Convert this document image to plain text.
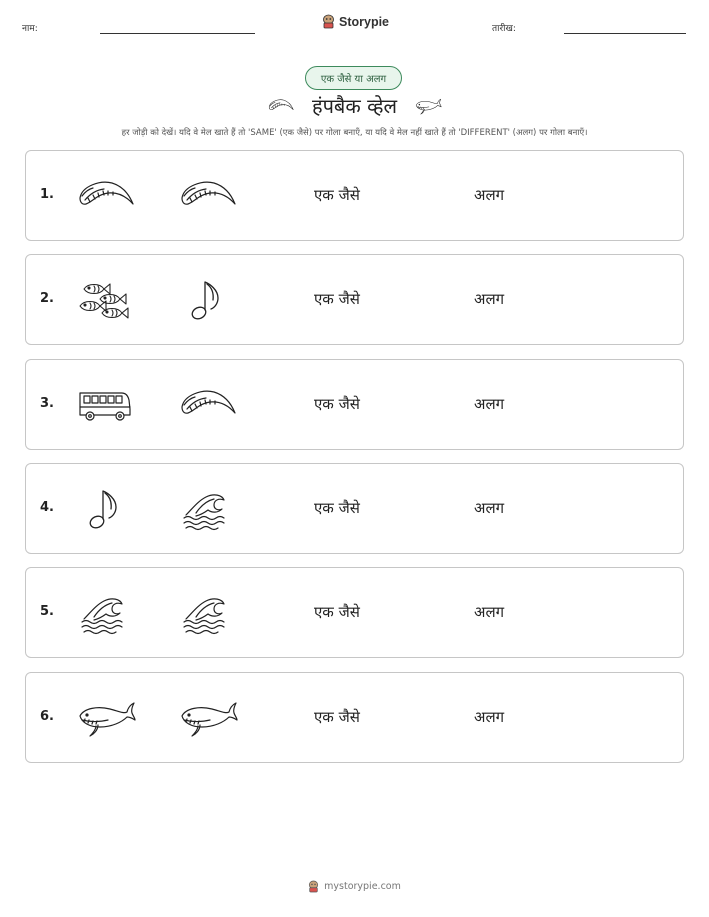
नाम:
Storypie
तारीख:
एक जैसे या अलग
हंपबैक व्हेल
हर जोड़ी को देखें। यदि वे मेल खाते हैं तो 'SAME' (एक जैसे) पर गोला बनाएँ, या यदि वे मेल नहीं खाते हैं तो 'DIFFERENT' (अलग) पर गोला बनाएँ।
1.	एक जैसे	अलग
2.	एक जैसे	अलग
3.	एक जैसे	अलग
4.	एक जैसे	अलग
5.	एक जैसे	अलग
6.	एक जैसे	अलग
mystorypie.com
